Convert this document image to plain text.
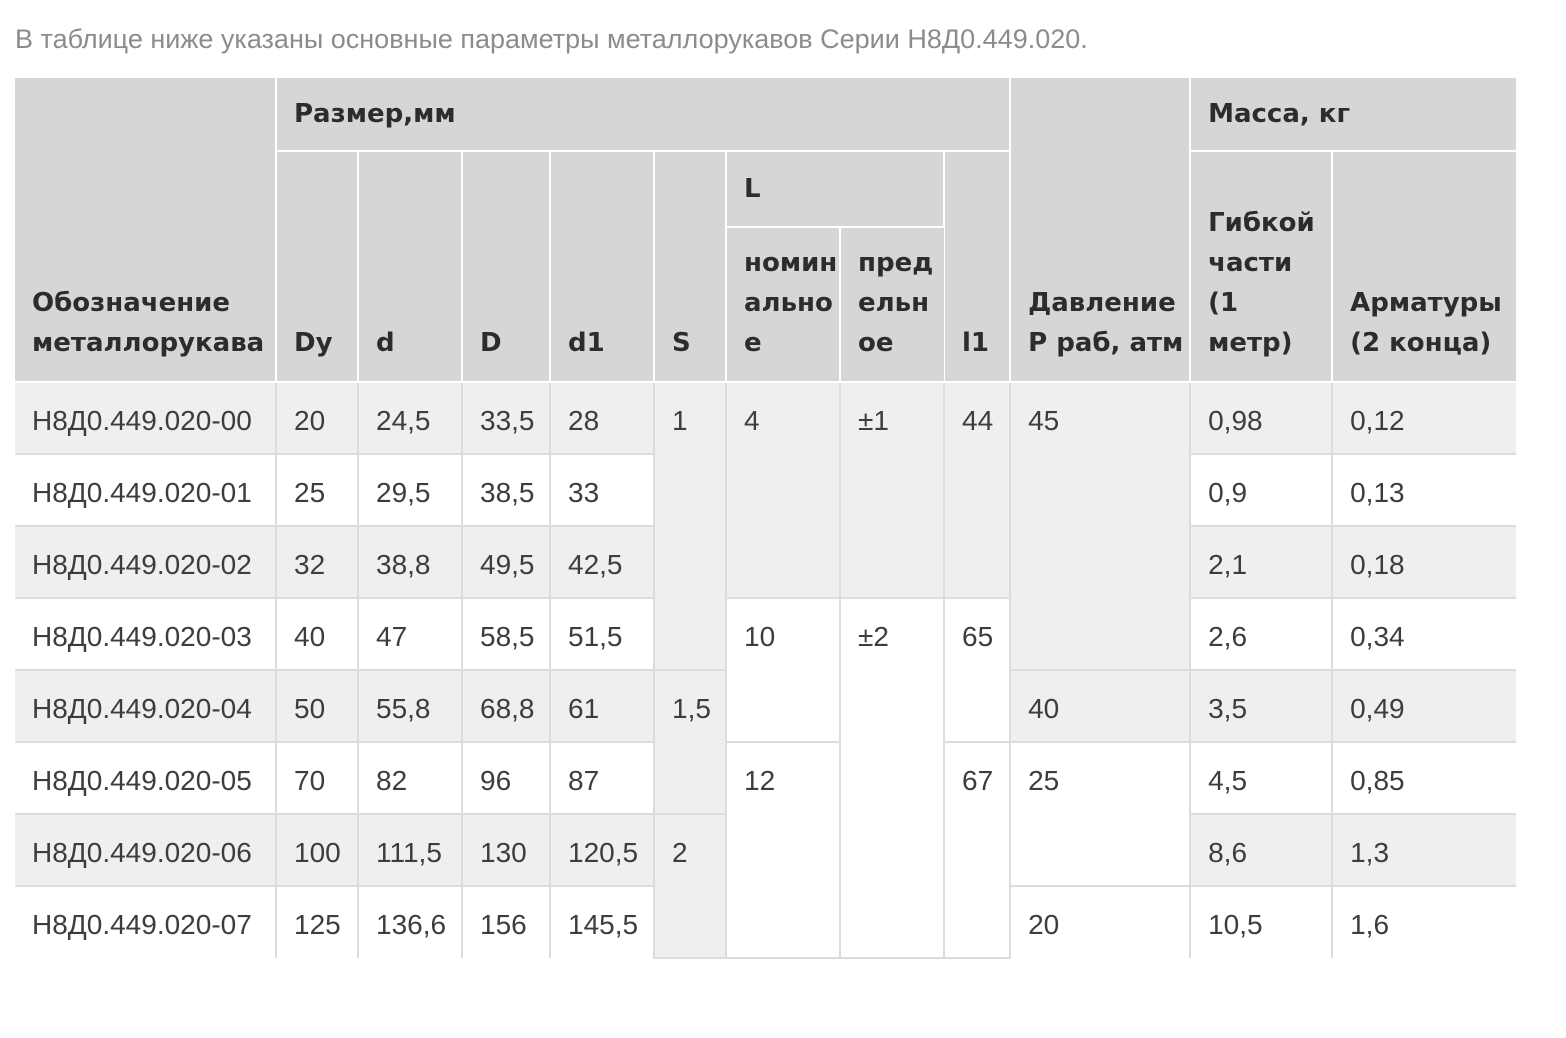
В таблице ниже указаны основные параметры металлорукавов Серии Н8Д0.449.020.

Обозначение металлорукава	Размер,мм								Давление Р раб, атм	Масса, кг	
	Dy	d	D	d1	S	L		l1		Гибкой части (1 метр)	Арматуры (2 конца)
						номинальное	предельное				
Н8Д0.449.020-00	20	24,5	33,5	28	1	4	±1	44	45	0,98	0,12
Н8Д0.449.020-01	25	29,5	38,5	33						0,9	0,13
Н8Д0.449.020-02	32	38,8	49,5	42,5						2,1	0,18
Н8Д0.449.020-03	40	47	58,5	51,5		10	±2	65		2,6	0,34
Н8Д0.449.020-04	50	55,8	68,8	61	1,5				40	3,5	0,49
Н8Д0.449.020-05	70	82	96	87		12		67	25	4,5	0,85
Н8Д0.449.020-06	100	111,5	130	120,5	2					8,6	1,3
Н8Д0.449.020-07	125	136,6	156	145,5					20	10,5	1,6
